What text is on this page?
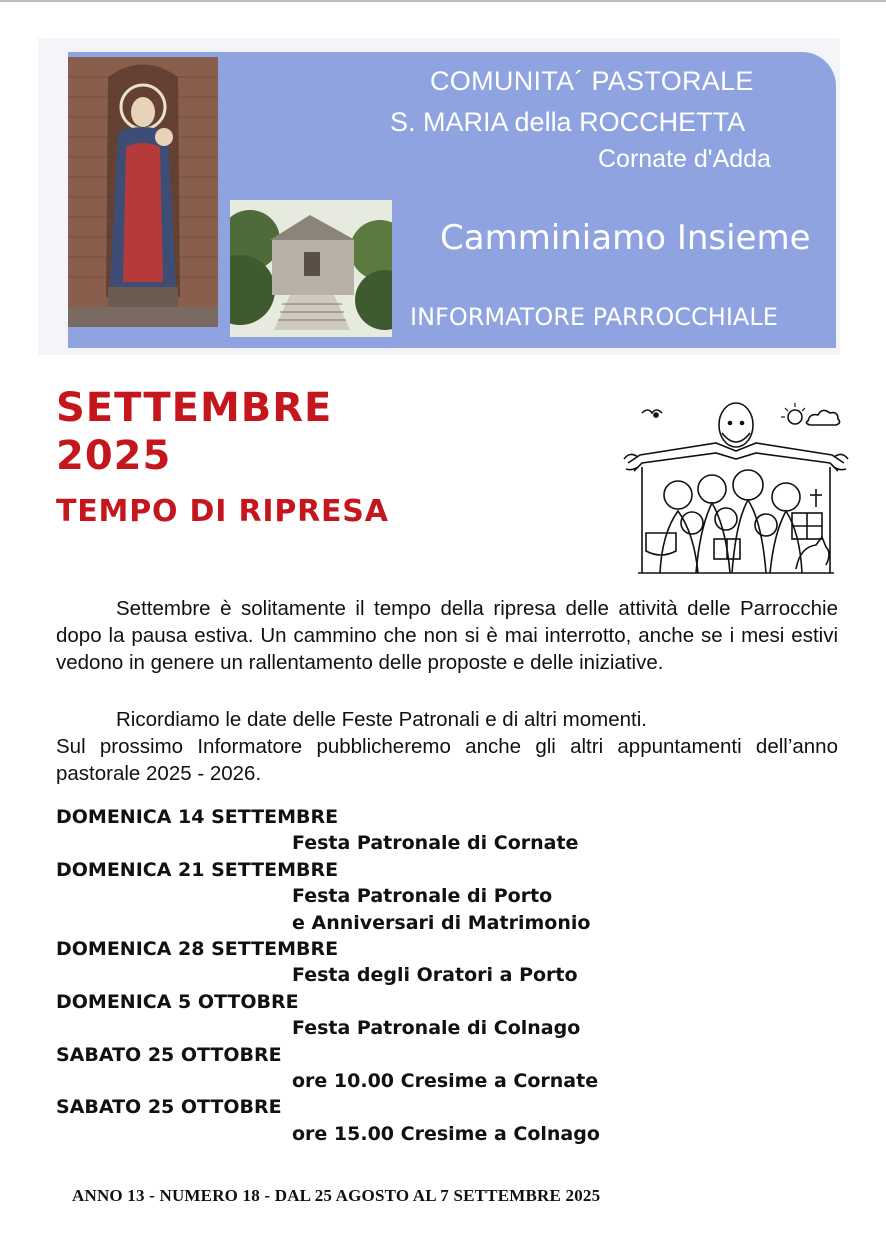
COMUNITA´ PASTORALE
S. MARIA della ROCCHETTA
Cornate d'Adda
Camminiamo Insieme
INFORMATORE PARROCCHIALE
SETTEMBRE
2025
TEMPO DI RIPRESA

Settembre è solitamente il tempo della ripresa delle attività delle Parrocchie dopo la pausa estiva. Un cammino che non si è mai interrotto, anche se i mesi estivi vedono in genere un rallentamento delle proposte e delle iniziative.

Ricordiamo le date delle Feste Patronali e di altri momenti.

Sul prossimo Informatore pubblicheremo anche gli altri appuntamenti dell’anno pastorale 2025 - 2026.

DOMENICA 14 SETTEMBRE
Festa Patronale di Cornate
DOMENICA 21 SETTEMBRE
Festa Patronale di Porto
e Anniversari di Matrimonio
DOMENICA 28 SETTEMBRE
Festa degli Oratori a Porto
DOMENICA 5 OTTOBRE
Festa Patronale di Colnago
SABATO 25 OTTOBRE
ore 10.00 Cresime a Cornate
SABATO 25 OTTOBRE
ore 15.00 Cresime a Colnago
ANNO 13 - NUMERO 18 - DAL 25 AGOSTO AL 7 SETTEMBRE 2025
